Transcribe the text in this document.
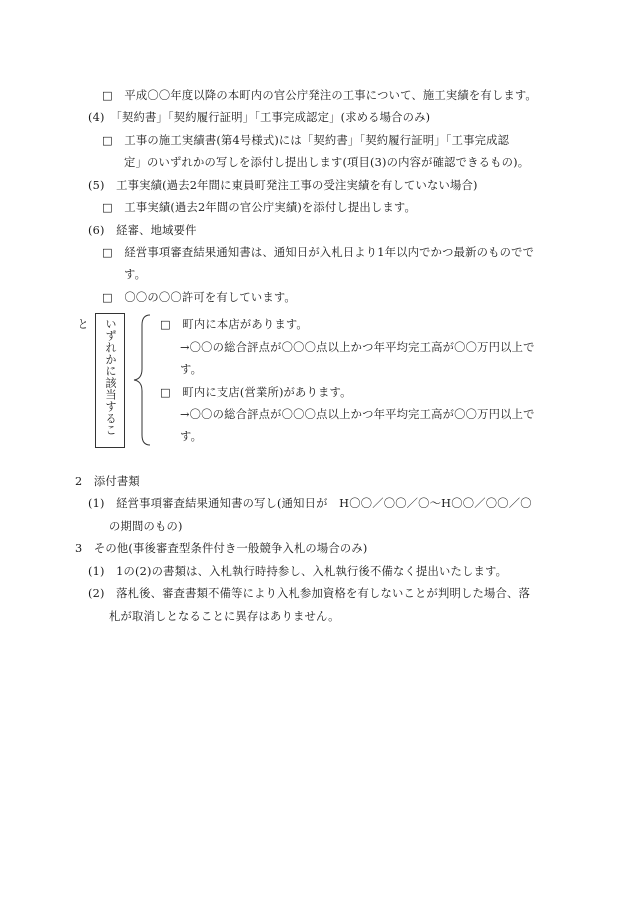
□　平成〇〇年度以降の本町内の官公庁発注の工事について、施工実績を有します。
(4)　「契約書」「契約履行証明」「工事完成認定」(求める場合のみ)
□　工事の施工実績書(第4号様式)には「契約書」「契約履行証明」「工事完成認
定」のいずれかの写しを添付し提出します(項目(3)の内容が確認できるもの)。
(5)　工事実績(過去2年間に東員町発注工事の受注実績を有していない場合)
□　工事実績(過去2年間の官公庁実績)を添付し提出します。
(6)　経審、地域要件
□　経営事項審査結果通知書は、通知日が入札日より1年以内でかつ最新のものでで
す。
□　〇〇の〇〇許可を有しています。
いずれかに該当すること	□　町内に本店があります。
→〇〇の総合評点が〇〇〇点以上かつ年平均完工高が〇〇万円以上で
す。
□　町内に支店(営業所)があります。
→〇〇の総合評点が〇〇〇点以上かつ年平均完工高が〇〇万円以上で
す。
2　添付書類
(1)　経営事項審査結果通知書の写し(通知日が　H〇〇／〇〇／〇〜H〇〇／〇〇／〇
の期間のもの)
3　その他(事後審査型条件付き一般競争入札の場合のみ)
(1)　1の(2)の書類は、入札執行時持参し、入札執行後不備なく提出いたします。
(2)　落札後、審査書類不備等により入札参加資格を有しないことが判明した場合、落
札が取消しとなることに異存はありません。
